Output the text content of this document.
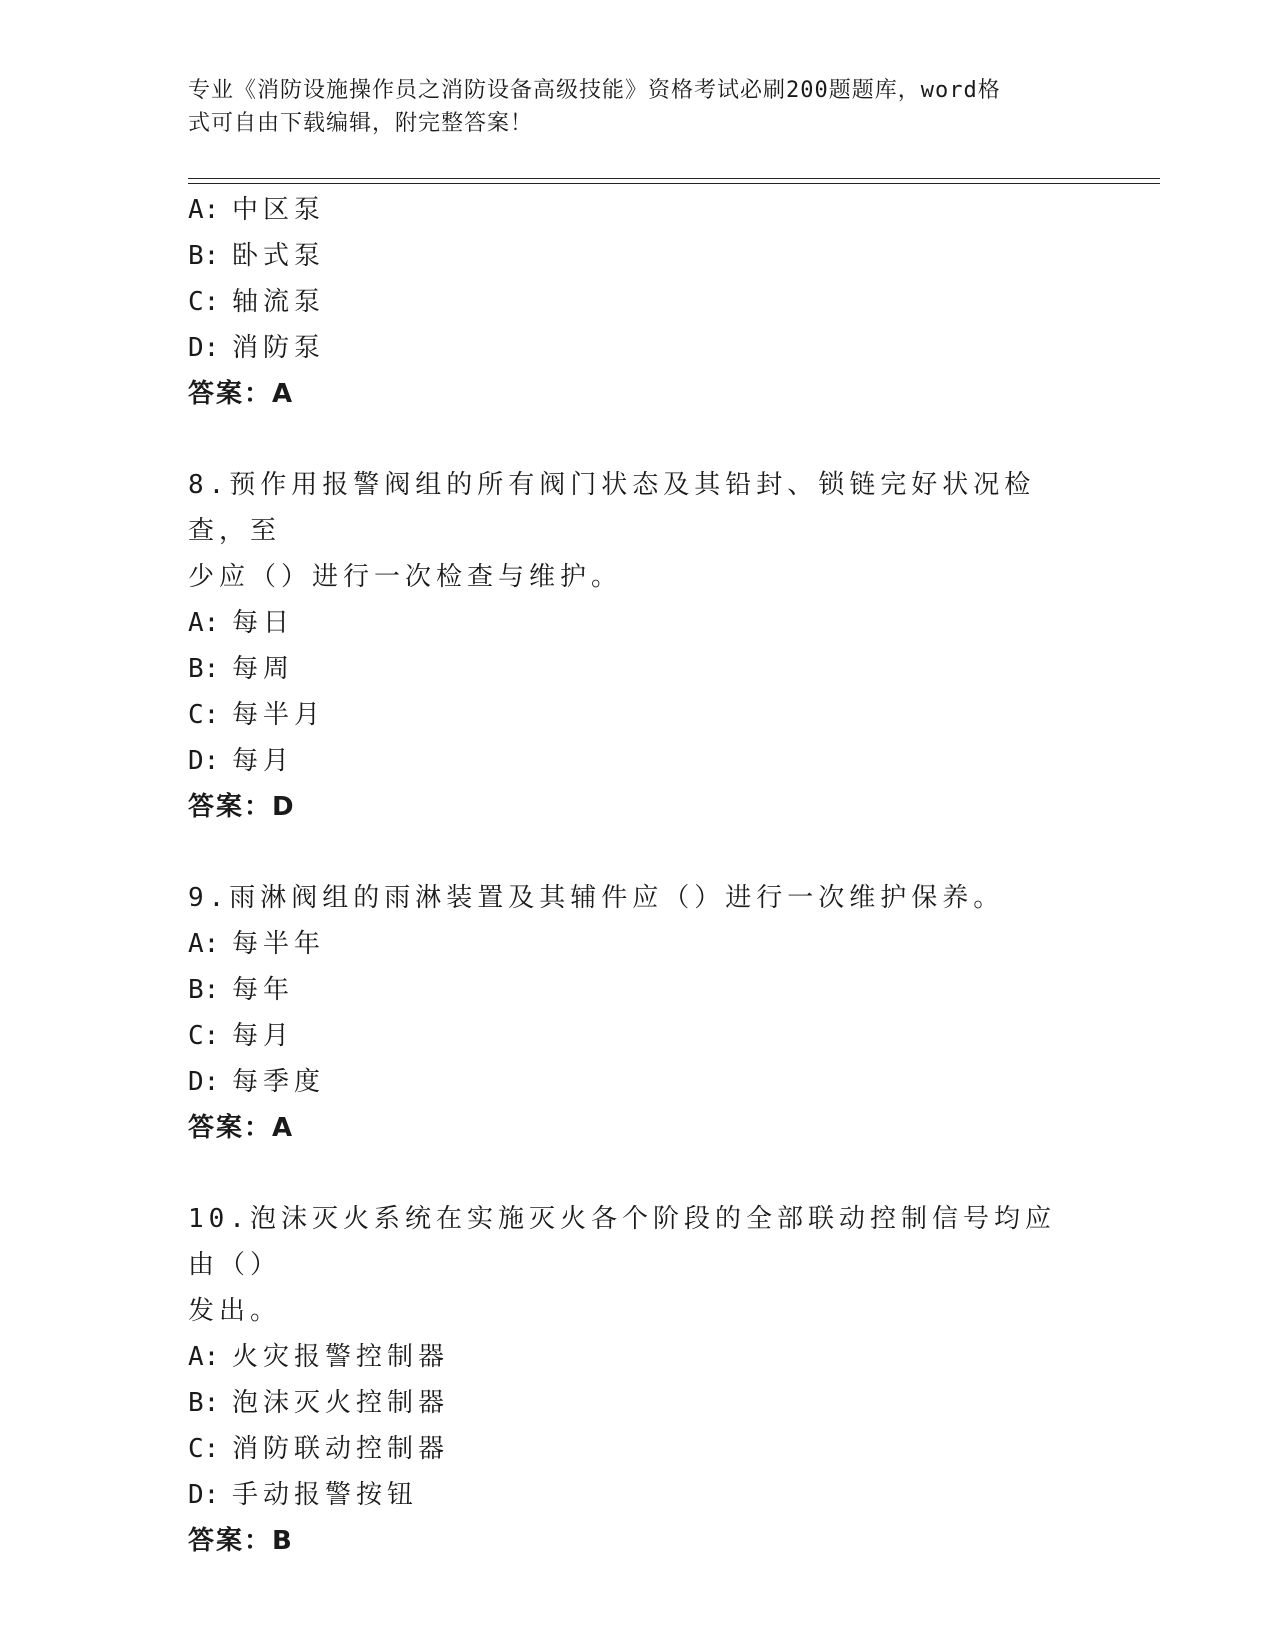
专业《消防设施操作员之消防设备高级技能》资格考试必刷200题题库，word格
式可自由下载编辑，附完整答案！
A: 中区泵
B: 卧式泵
C: 轴流泵
D: 消防泵
答案：A
8.预作用报警阀组的所有阀门状态及其铅封、锁链完好状况检查，至
少应（）进行一次检查与维护。
A: 每日
B: 每周
C: 每半月
D: 每月
答案：D
9.雨淋阀组的雨淋装置及其辅件应（）进行一次维护保养。
A: 每半年
B: 每年
C: 每月
D: 每季度
答案：A
10.泡沫灭火系统在实施灭火各个阶段的全部联动控制信号均应由（）
发出。
A: 火灾报警控制器
B: 泡沫灭火控制器
C: 消防联动控制器
D: 手动报警按钮
答案：B
